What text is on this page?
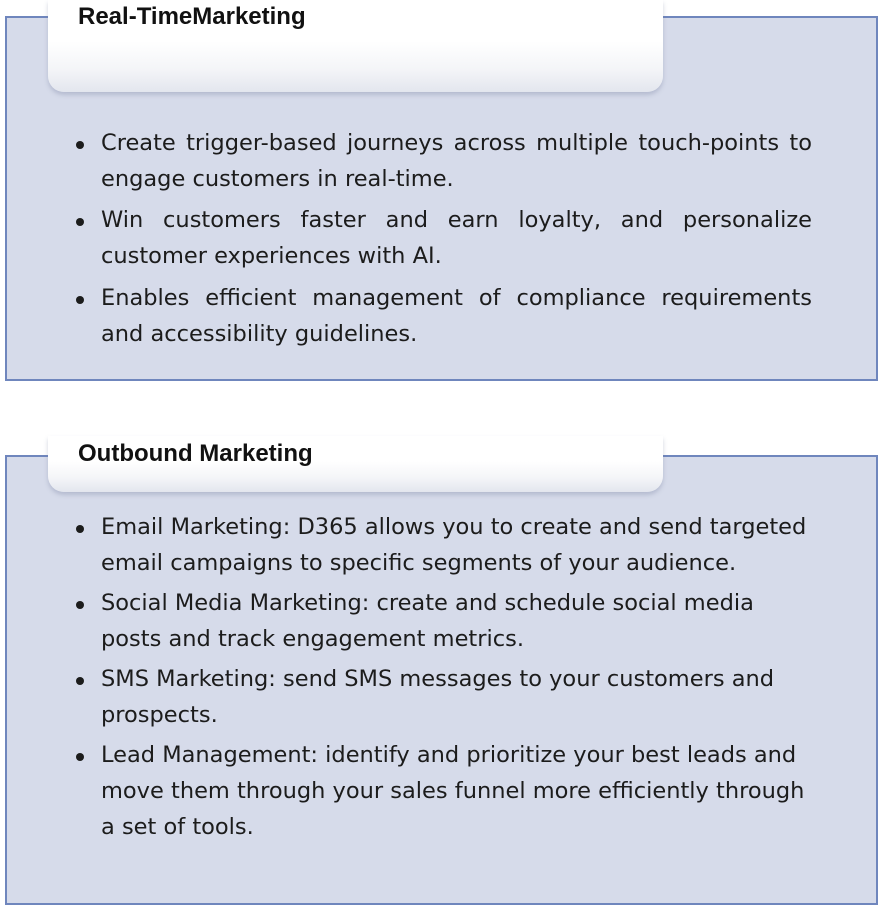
Real-TimeMarketing
Create trigger-based journeys across multiple touch-points to engage customers in real-time.
Win customers faster and earn loyalty, and personalize customer experiences with AI.
Enables efficient management of compliance requirements and accessibility guidelines.
Outbound Marketing
Email Marketing: D365 allows you to create and send targeted email campaigns to specific segments of your audience.
Social Media Marketing: create and schedule social media posts and track engagement metrics.
SMS Marketing: send SMS messages to your customers and prospects.
Lead Management: identify and prioritize your best leads and move them through your sales funnel more efficiently through a set of tools.
